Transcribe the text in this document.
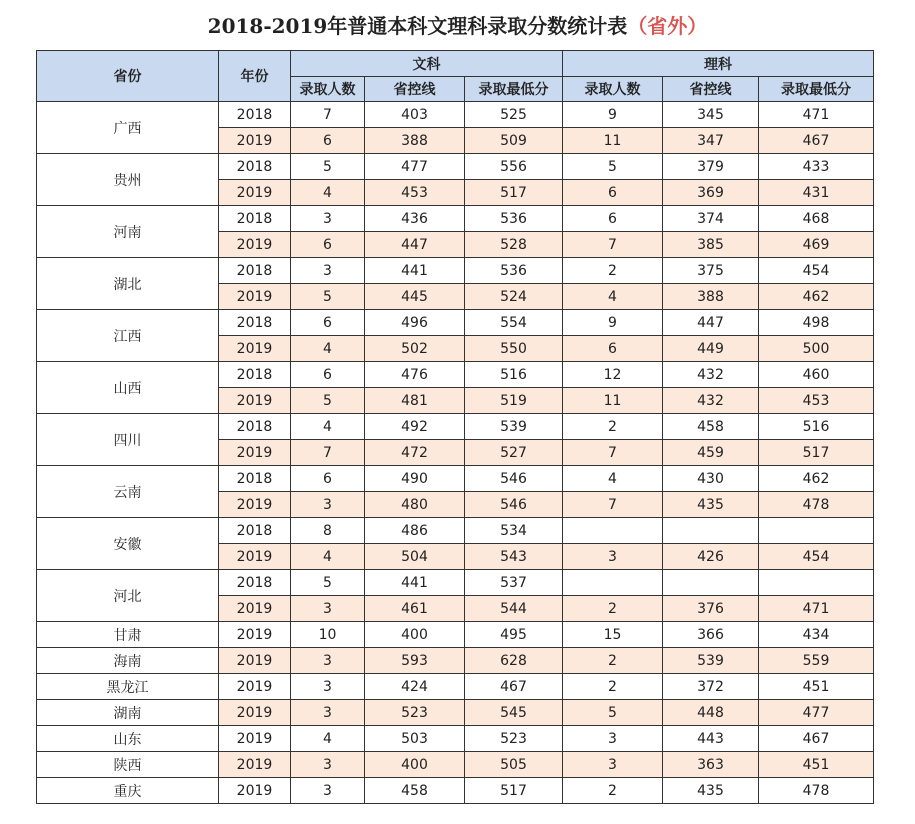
2018-2019年普通本科文理科录取分数统计表（省外）
省份	年份	文科			理科		
		录取人数	省控线	录取最低分	录取人数	省控线	录取最低分
广西	2018	7	403	525	9	345	471
	2019	6	388	509	11	347	467
贵州	2018	5	477	556	5	379	433
	2019	4	453	517	6	369	431
河南	2018	3	436	536	6	374	468
	2019	6	447	528	7	385	469
湖北	2018	3	441	536	2	375	454
	2019	5	445	524	4	388	462
江西	2018	6	496	554	9	447	498
	2019	4	502	550	6	449	500
山西	2018	6	476	516	12	432	460
	2019	5	481	519	11	432	453
四川	2018	4	492	539	2	458	516
	2019	7	472	527	7	459	517
云南	2018	6	490	546	4	430	462
	2019	3	480	546	7	435	478
安徽	2018	8	486	534			
	2019	4	504	543	3	426	454
河北	2018	5	441	537			
	2019	3	461	544	2	376	471
甘肃	2019	10	400	495	15	366	434
海南	2019	3	593	628	2	539	559
黑龙江	2019	3	424	467	2	372	451
湖南	2019	3	523	545	5	448	477
山东	2019	4	503	523	3	443	467
陕西	2019	3	400	505	3	363	451
重庆	2019	3	458	517	2	435	478
